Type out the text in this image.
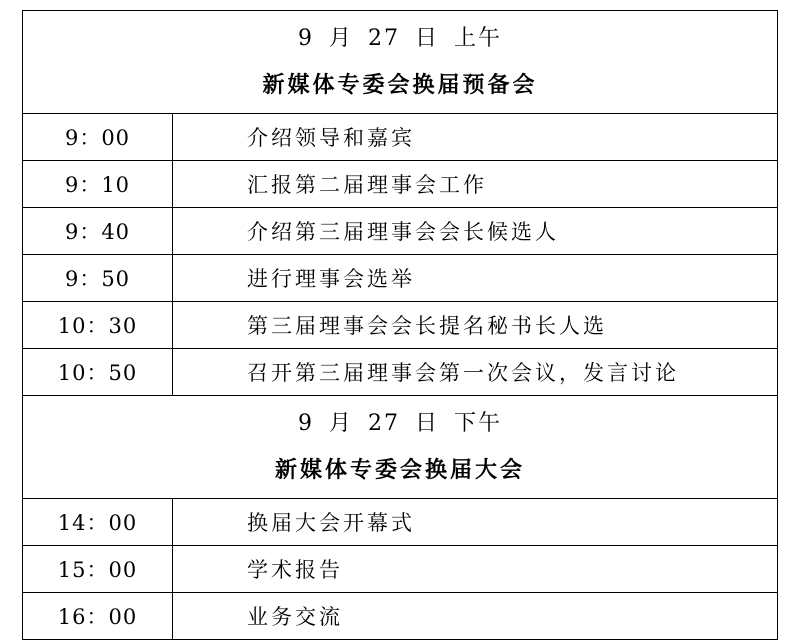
9 月 27 日 上午
新媒体专委会换届预备会	

9：00	介绍领导和嘉宾
9：10	汇报第二届理事会工作
9：40	介绍第三届理事会会长候选人
9：50	进行理事会选举
10：30	第三届理事会会长提名秘书长人选
10：50	召开第三届理事会第一次会议，发言讨论

9 月 27 日 下午
新媒体专委会换届大会	

14：00	换届大会开幕式
15：00	学术报告
16：00	业务交流
